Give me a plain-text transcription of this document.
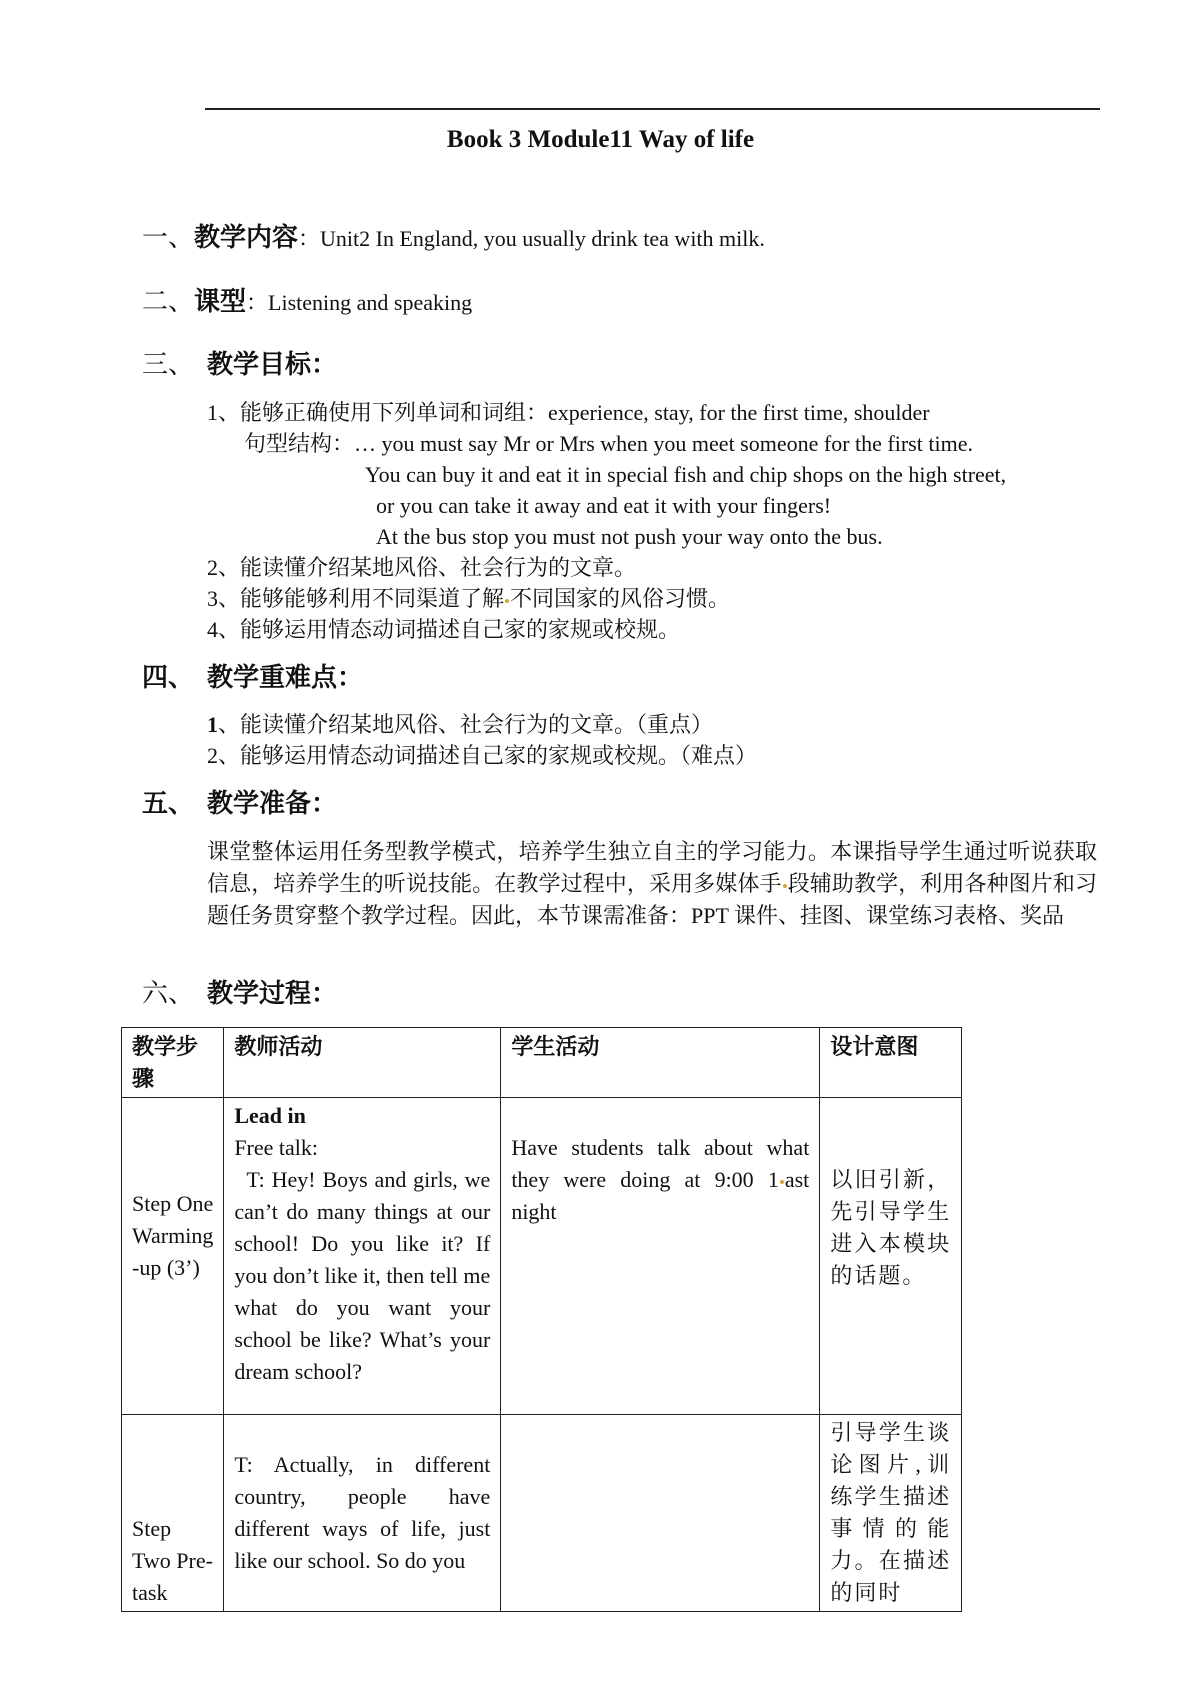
Book 3 Module11 Way of life
一、教学内容：Unit2 In England, you usually drink tea with milk.
二、课型：Listening and speaking
三、 教学目标：
1、能够正确使用下列单词和词组：experience, stay, for the first time, shoulder
句型结构：… you must say Mr or Mrs when you meet someone for the first time.
You can buy it and eat it in special fish and chip shops on the high street,
or you can take it away and eat it with your fingers!
At the bus stop you must not push your way onto the bus.
2、能读懂介绍某地风俗、社会行为的文章。
3、能够能够利用不同渠道了解 不同国家的风俗习惯。
4、能够运用情态动词描述自己家的家规或校规。
四、 教学重难点：
1、能读懂介绍某地风俗、社会行为的文章。（重点）
2、能够运用情态动词描述自己家的家规或校规。（难点）
五、 教学准备：
课堂整体运用任务型教学模式，培养学生独立自主的学习能力。本课指导学生通过听说获取信息，培养学生的听说技能。在教学过程中，采用多媒体手 段辅助教学，利用各种图片和习题任务贯穿整个教学过程。因此，本节课需准备：PPT 课件、挂图、课堂练习表格、奖品
六、 教学过程：
教学步骤	教师活动	学生活动	设计意图
Step One Warming -up (3’)	Lead in
Free talk:
T: Hey! Boys and girls, we can’t do many things at our school! Do you like it? If you don’t like it, then tell me what do you want your school be like? What’s your dream school?	Have students talk about what they were doing at 9:00 1 ast night	以旧引新，先引导学生进入本模块的话题。
Step Two Pre-task	T: Actually, in different country, people have different ways of life, just like our school. So do you		引导学生谈论图片,训练学生描述事情的能力。在描述的同时
